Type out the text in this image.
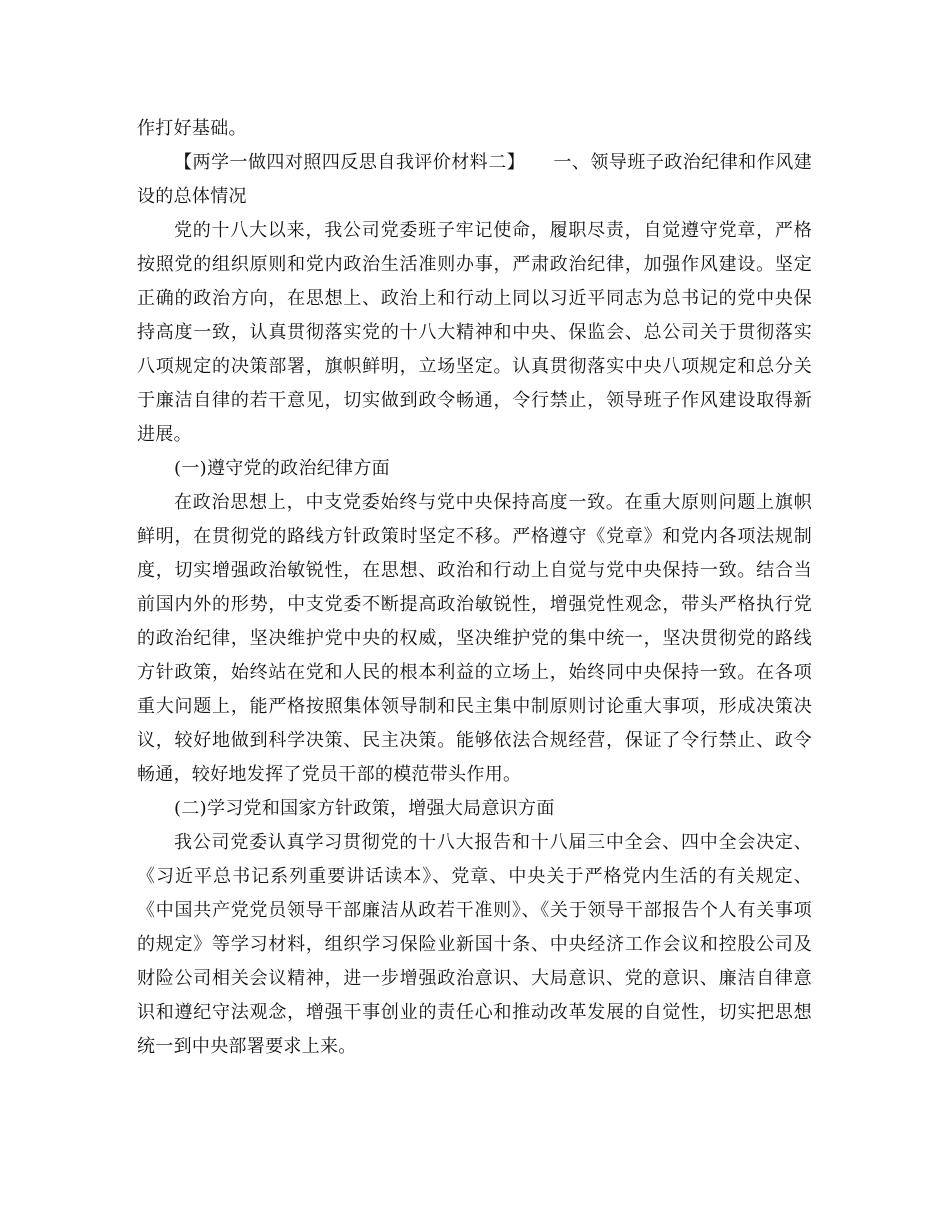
作打好基础。

【两学一做四对照四反思自我评价材料二】 一、领导班子政治纪律和作风建设的总体情况

党的十八大以来，我公司党委班子牢记使命，履职尽责，自觉遵守党章，严格按照党的组织原则和党内政治生活准则办事，严肃政治纪律，加强作风建设。坚定正确的政治方向，在思想上、政治上和行动上同以习近平同志为总书记的党中央保持高度一致，认真贯彻落实党的十八大精神和中央、保监会、总公司关于贯彻落实八项规定的决策部署，旗帜鲜明，立场坚定。认真贯彻落实中央八项规定和总分关于廉洁自律的若干意见，切实做到政令畅通，令行禁止，领导班子作风建设取得新进展。

(一)遵守党的政治纪律方面

在政治思想上，中支党委始终与党中央保持高度一致。在重大原则问题上旗帜鲜明，在贯彻党的路线方针政策时坚定不移。严格遵守《党章》和党内各项法规制度，切实增强政治敏锐性，在思想、政治和行动上自觉与党中央保持一致。结合当前国内外的形势，中支党委不断提高政治敏锐性，增强党性观念，带头严格执行党的政治纪律，坚决维护党中央的权威，坚决维护党的集中统一，坚决贯彻党的路线方针政策，始终站在党和人民的根本利益的立场上，始终同中央保持一致。在各项重大问题上，能严格按照集体领导制和民主集中制原则讨论重大事项，形成决策决议，较好地做到科学决策、民主决策。能够依法合规经营，保证了令行禁止、政令畅通，较好地发挥了党员干部的模范带头作用。

(二)学习党和国家方针政策，增强大局意识方面

我公司党委认真学习贯彻党的十八大报告和十八届三中全会、四中全会决定、《习近平总书记系列重要讲话读本》、党章、中央关于严格党内生活的有关规定、《中国共产党党员领导干部廉洁从政若干准则》、《关于领导干部报告个人有关事项的规定》等学习材料，组织学习保险业新国十条、中央经济工作会议和控股公司及财险公司相关会议精神，进一步增强政治意识、大局意识、党的意识、廉洁自律意识和遵纪守法观念，增强干事创业的责任心和推动改革发展的自觉性，切实把思想统一到中央部署要求上来。
